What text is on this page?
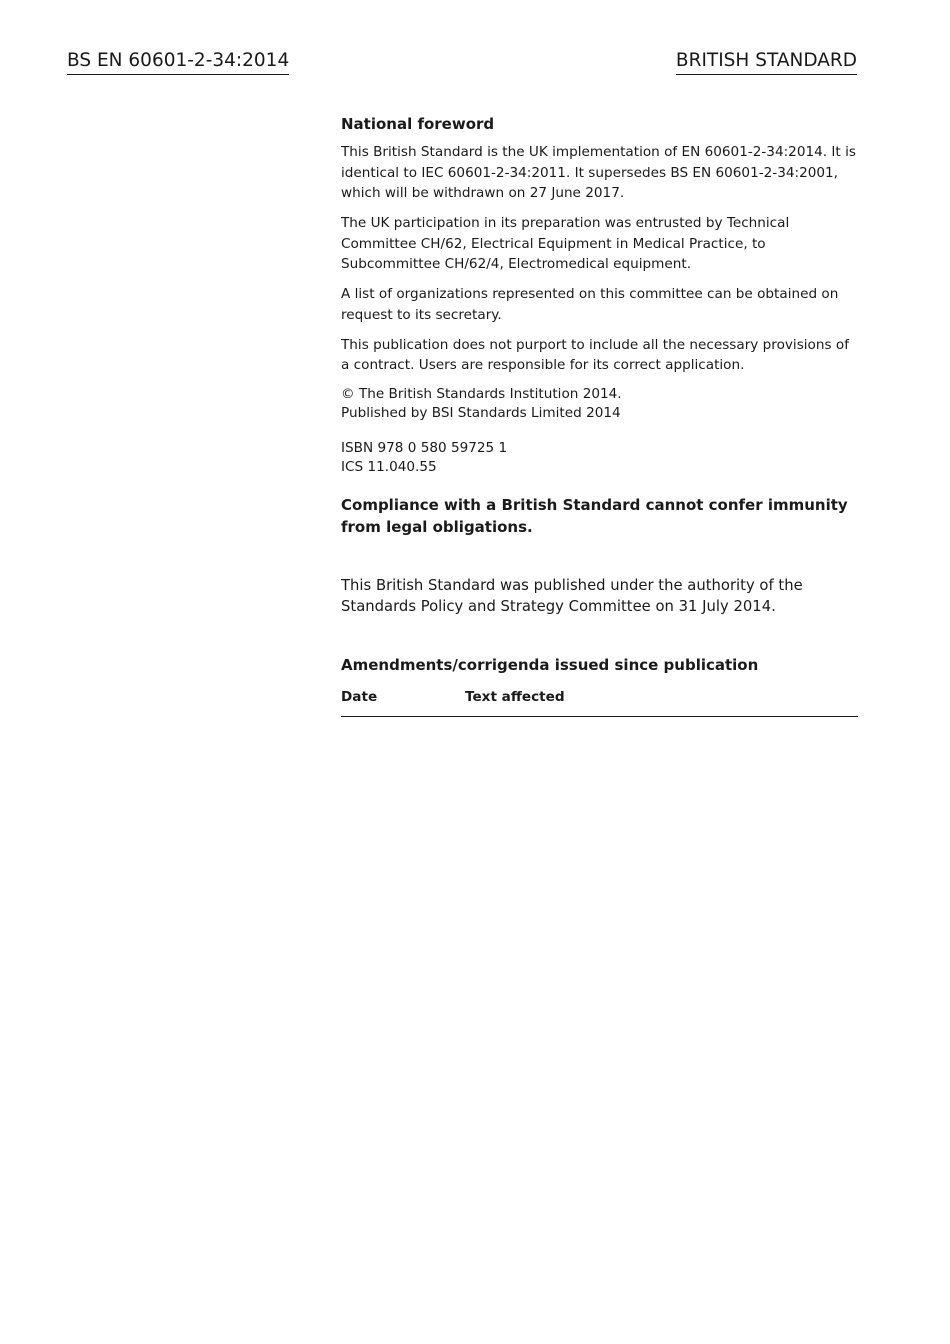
BS EN 60601-2-34:2014	BRITISH STANDARD
National foreword

This British Standard is the UK implementation of EN 60601-2-34:2014. It is identical to IEC 60601-2-34:2011. It supersedes BS EN 60601-2-34:2001, which will be withdrawn on 27 June 2017.

The UK participation in its preparation was entrusted by Technical Committee CH/62, Electrical Equipment in Medical Practice, to Subcommittee CH/62/4, Electromedical equipment.

A list of organizations represented on this committee can be obtained on request to its secretary.

This publication does not purport to include all the necessary provisions of a contract. Users are responsible for its correct application.

© The British Standards Institution 2014.
Published by BSI Standards Limited 2014
ISBN 978 0 580 59725 1
ICS 11.040.55
Compliance with a British Standard cannot confer immunity from legal obligations.
This British Standard was published under the authority of the Standards Policy and Strategy Committee on 31 July 2014.
Amendments/corrigenda issued since publication
Date	Text affected
